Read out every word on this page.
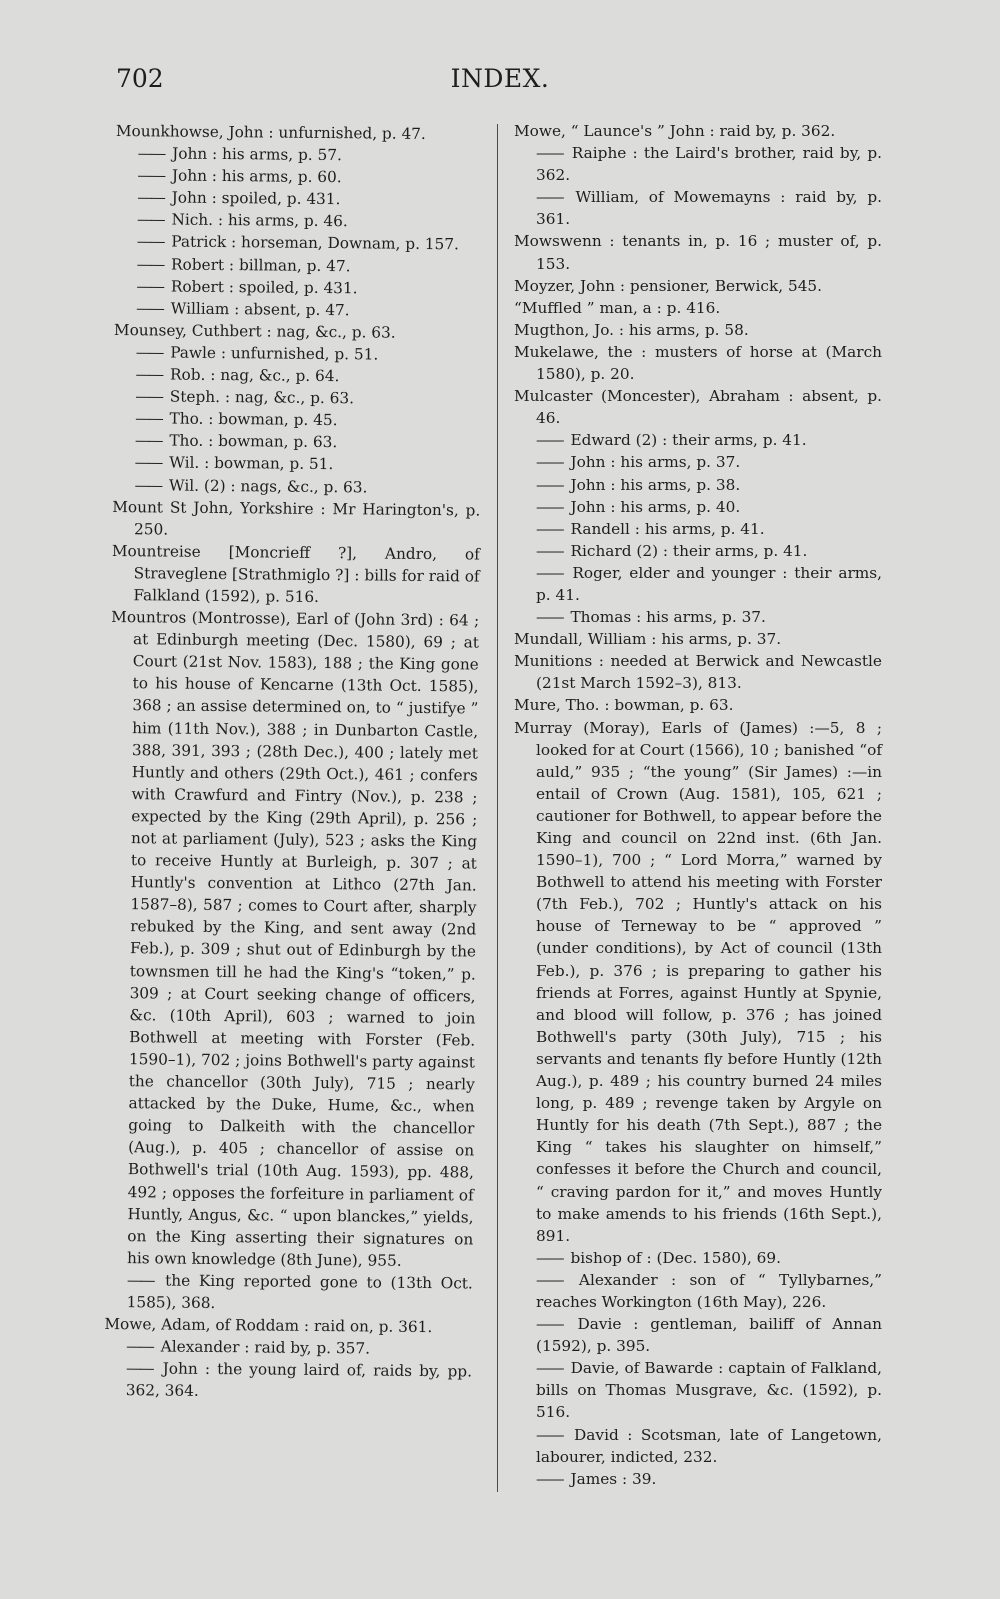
INDEX.
702

Mounkhowse, John : unfurnished, p. 47.

—— John : his arms, p. 57.

—— John : his arms, p. 60.

—— John : spoiled, p. 431.

—— Nich. : his arms, p. 46.

—— Patrick : horseman, Downam, p. 157.

—— Robert : billman, p. 47.

—— Robert : spoiled, p. 431.

—— William : absent, p. 47.

Mounsey, Cuthbert : nag, &c., p. 63.

—— Pawle : unfurnished, p. 51.

—— Rob. : nag, &c., p. 64.

—— Steph. : nag, &c., p. 63.

—— Tho. : bowman, p. 45.

—— Tho. : bowman, p. 63.

—— Wil. : bowman, p. 51.

—— Wil. (2) : nags, &c., p. 63.

Mount St John, Yorkshire : Mr Harington's, p. 250.

Mountreise [Moncrieff ?], Andro, of Straveglene [Strathmiglo ?] : bills for raid of Falkland (1592), p. 516.

Mountros (Montrosse), Earl of (John 3rd) : 64 ; at Edinburgh meeting (Dec. 1580), 69 ; at Court (21st Nov. 1583), 188 ; the King gone to his house of Kencarne (13th Oct. 1585), 368 ; an assise determined on, to “ justifye ” him (11th Nov.), 388 ; in Dunbarton Castle, 388, 391, 393 ; (28th Dec.), 400 ; lately met Huntly and others (29th Oct.), 461 ; confers with Crawfurd and Fintry (Nov.), p. 238 ; expected by the King (29th April), p. 256 ; not at parliament (July), 523 ; asks the King to receive Huntly at Burleigh, p. 307 ; at Huntly's convention at Lithco (27th Jan. 1587–8), 587 ; comes to Court after, sharply rebuked by the King, and sent away (2nd Feb.), p. 309 ; shut out of Edinburgh by the townsmen till he had the King's “token,” p. 309 ; at Court seeking change of officers, &c. (10th April), 603 ; warned to join Bothwell at meeting with Forster (Feb. 1590–1), 702 ; joins Bothwell's party against the chancellor (30th July), 715 ; nearly attacked by the Duke, Hume, &c., when going to Dalkeith with the chancellor (Aug.), p. 405 ; chancellor of assise on Bothwell's trial (10th Aug. 1593), pp. 488, 492 ; opposes the forfeiture in parliament of Huntly, Angus, &c. “ upon blanckes,” yields, on the King asserting their signatures on his own knowledge (8th June), 955.

—— the King reported gone to (13th Oct. 1585), 368.

Mowe, Adam, of Roddam : raid on, p. 361.

—— Alexander : raid by, p. 357.

—— John : the young laird of, raids by, pp. 362, 364.

Mowe, “ Launce's ” John : raid by, p. 362.

—— Raiphe : the Laird's brother, raid by, p. 362.

—— William, of Mowemayns : raid by, p. 361.

Mowswenn : tenants in, p. 16 ; muster of, p. 153.

Moyzer, John : pensioner, Berwick, 545.

“Muffled ” man, a : p. 416.

Mugthon, Jo. : his arms, p. 58.

Mukelawe, the : musters of horse at (March 1580), p. 20.

Mulcaster (Moncester), Abraham : absent, p. 46.

—— Edward (2) : their arms, p. 41.

—— John : his arms, p. 37.

—— John : his arms, p. 38.

—— John : his arms, p. 40.

—— Randell : his arms, p. 41.

—— Richard (2) : their arms, p. 41.

—— Roger, elder and younger : their arms, p. 41.

—— Thomas : his arms, p. 37.

Mundall, William : his arms, p. 37.

Munitions : needed at Berwick and Newcastle (21st March 1592–3), 813.

Mure, Tho. : bowman, p. 63.

Murray (Moray), Earls of (James) :—5, 8 ; looked for at Court (1566), 10 ; banished “of auld,” 935 ; “the young” (Sir James) :—in entail of Crown (Aug. 1581), 105, 621 ; cautioner for Bothwell, to appear before the King and council on 22nd inst. (6th Jan. 1590–1), 700 ; “ Lord Morra,” warned by Bothwell to attend his meeting with Forster (7th Feb.), 702 ; Huntly's attack on his house of Terneway to be “ approved ” (under conditions), by Act of council (13th Feb.), p. 376 ; is preparing to gather his friends at Forres, against Huntly at Spynie, and blood will follow, p. 376 ; has joined Bothwell's party (30th July), 715 ; his servants and tenants fly before Huntly (12th Aug.), p. 489 ; his country burned 24 miles long, p. 489 ; revenge taken by Argyle on Huntly for his death (7th Sept.), 887 ; the King “ takes his slaughter on himself,” confesses it before the Church and council, “ craving pardon for it,” and moves Huntly to make amends to his friends (16th Sept.), 891.

—— bishop of : (Dec. 1580), 69.

—— Alexander : son of “ Tyllybarnes,” reaches Workington (16th May), 226.

—— Davie : gentleman, bailiff of Annan (1592), p. 395.

—— Davie, of Bawarde : captain of Falkland, bills on Thomas Musgrave, &c. (1592), p. 516.

—— David : Scotsman, late of Langetown, labourer, indicted, 232.

—— James : 39.
